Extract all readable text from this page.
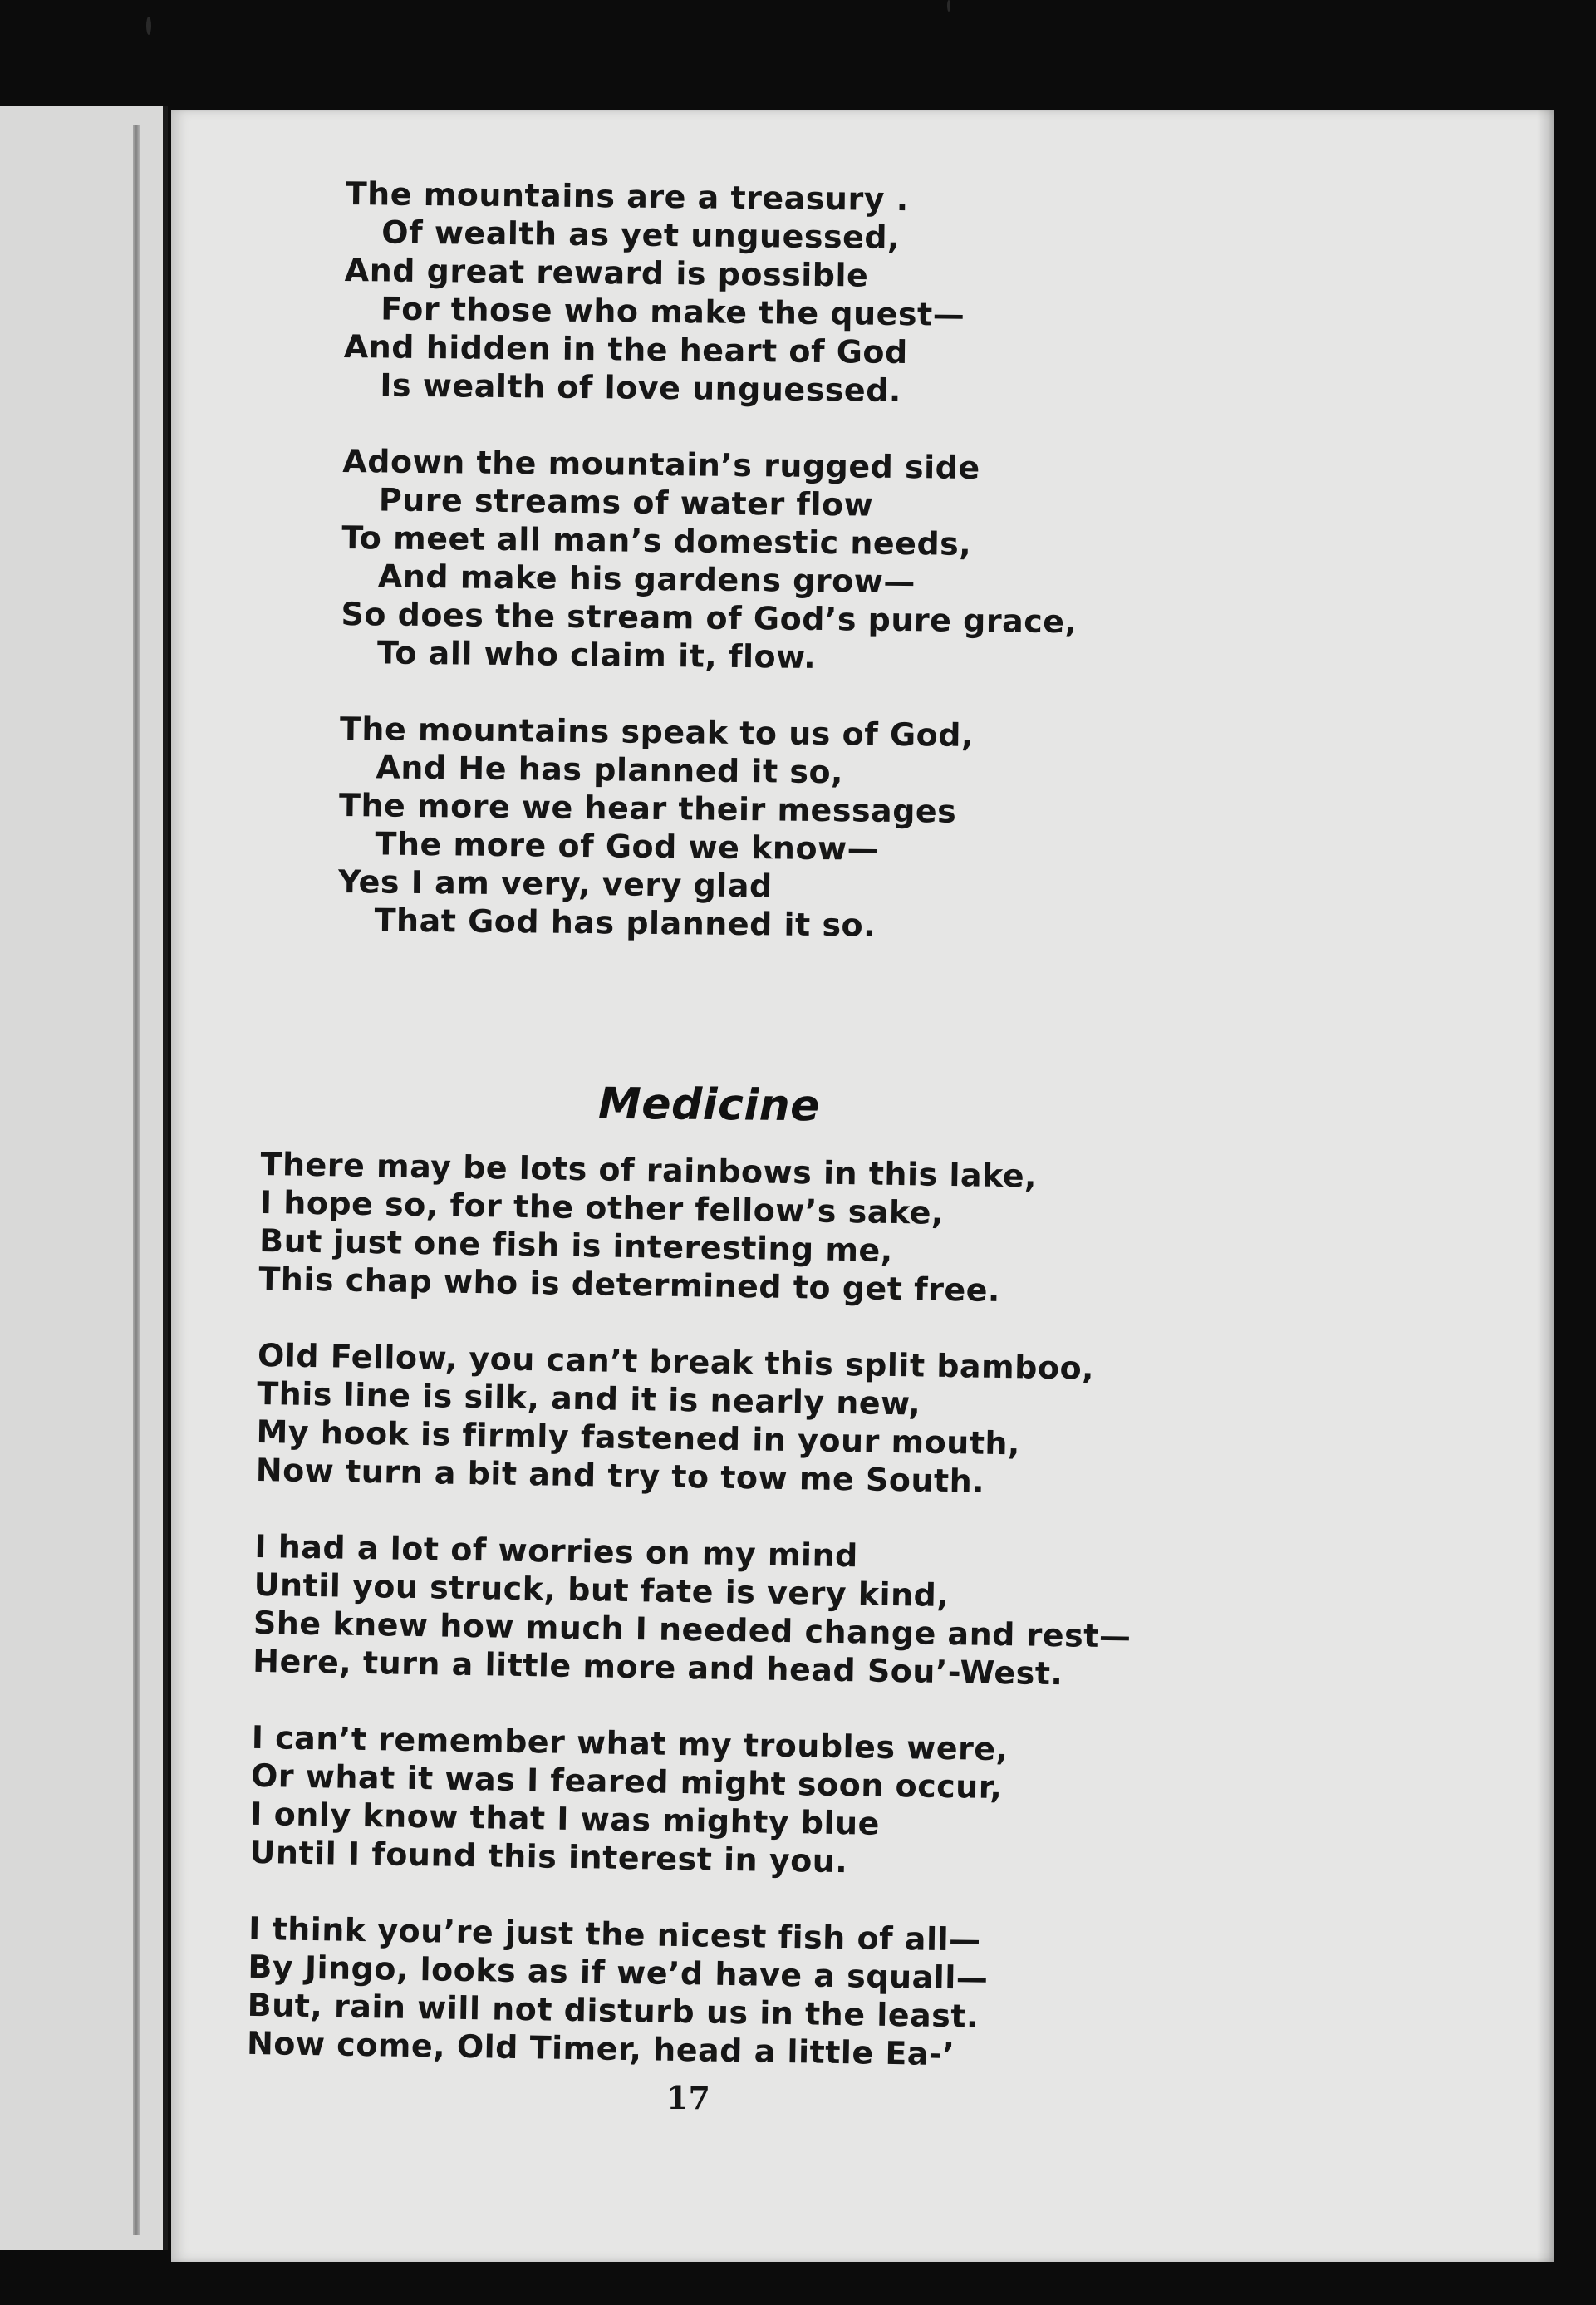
The mountains are a treasury .
Of wealth as yet unguessed,
And great reward is possible
For those who make the quest—
And hidden in the heart of God
Is wealth of love unguessed.
Adown the mountain’s rugged side
Pure streams of water flow
To meet all man’s domestic needs,
And make his gardens grow—
So does the stream of God’s pure grace,
To all who claim it, flow.
The mountains speak to us of God,
And He has planned it so,
The more we hear their messages
The more of God we know—
Yes I am very, very glad
That God has planned it so.
Medicine
There may be lots of rainbows in this lake,
I hope so, for the other fellow’s sake,
But just one fish is interesting me,
This chap who is determined to get free.
Old Fellow, you can’t break this split bamboo,
This line is silk, and it is nearly new,
My hook is firmly fastened in your mouth,
Now turn a bit and try to tow me South.
I had a lot of worries on my mind
Until you struck, but fate is very kind,
She knew how much I needed change and rest—
Here, turn a little more and head Sou’-West.
I can’t remember what my troubles were,
Or what it was I feared might soon occur,
I only know that I was mighty blue
Until I found this interest in you.
I think you’re just the nicest fish of all—
By Jingo, looks as if we’d have a squall—
But, rain will not disturb us in the least.
Now come, Old Timer, head a little Ea-’
17
